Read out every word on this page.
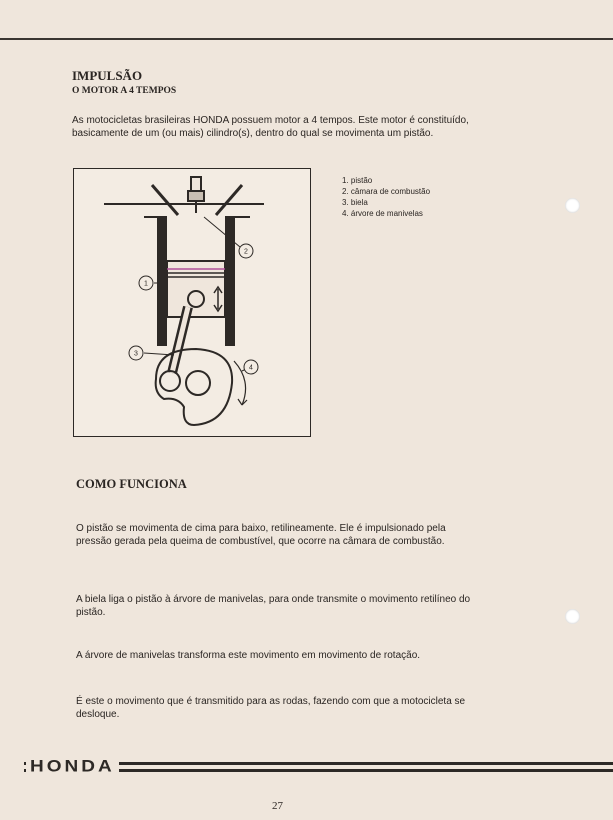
IMPULSÃO
O MOTOR A 4 TEMPOS

As motocicletas brasileiras HONDA possuem motor a 4 tempos. Este motor é constituído, basicamente de um (ou mais) cilindro(s), dentro do qual se movimenta um pistão.

1
2
3
4
1. pistão
2. câmara de combustão
3. biela
4. árvore de manivelas
COMO FUNCIONA

O pistão se movimenta de cima para baixo, retilineamente. Ele é impulsionado pela pressão gerada pela queima de combustível, que ocorre na câmara de combustão.

A biela liga o pistão à árvore de manivelas, para onde transmite o movimento retilíneo do pistão.

A árvore de manivelas transforma este movimento em movimento de rotação.

É este o movimento que é transmitido para as rodas, fazendo com que a motocicleta se desloque.

HONDA
27
